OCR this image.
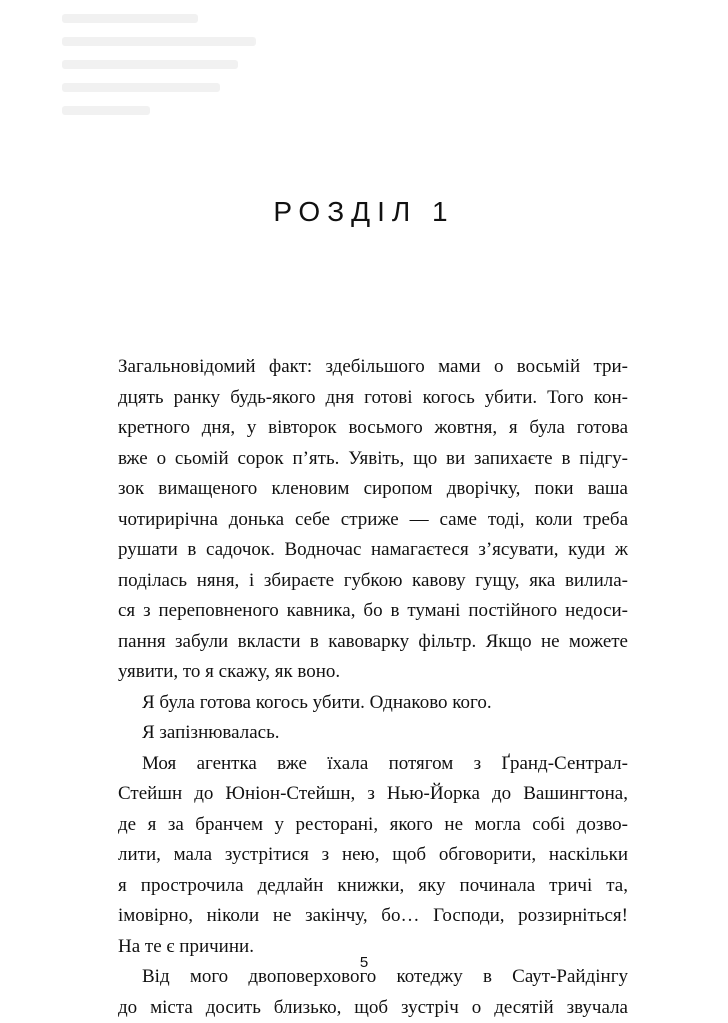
РОЗДІЛ 1

Загальновідомий факт: здебільшого мами о восьмій три-

дцять ранку будь-якого дня готові когось убити. Того кон-

кретного дня, у вівторок восьмого жовтня, я була готова

вже о сьомій сорок п’ять. Уявіть, що ви запихаєте в підгу-

зок вимащеного кленовим сиропом дворічку, поки ваша

чотирирічна донька себе стриже — саме тоді, коли треба

рушати в садочок. Водночас намагаєтеся з’ясувати, куди ж

поділась няня, і збираєте губкою кавову гущу, яка вилила-

ся з переповненого кавника, бо в тумані постійного недоси-

пання забули вкласти в кавоварку фільтр. Якщо не можете

уявити, то я скажу, як воно.

Я була готова когось убити. Однаково кого.

Я запізнювалась.

Моя агентка вже їхала потягом з Ґранд-Сентрал-

Стейшн до Юніон-Стейшн, з Нью-Йорка до Вашингтона,

де я за бранчем у ресторані, якого не могла собі дозво-

лити, мала зустрітися з нею, щоб обговорити, наскільки

я прострочила дедлайн книжки, яку починала тричі та,

імовірно, ніколи не закінчу, бо… Господи, роззирніться!

На те є причини.

Від мого двоповерхового котеджу в Саут-Райдінгу

до міста досить близько, щоб зустріч о десятій звучала

5
